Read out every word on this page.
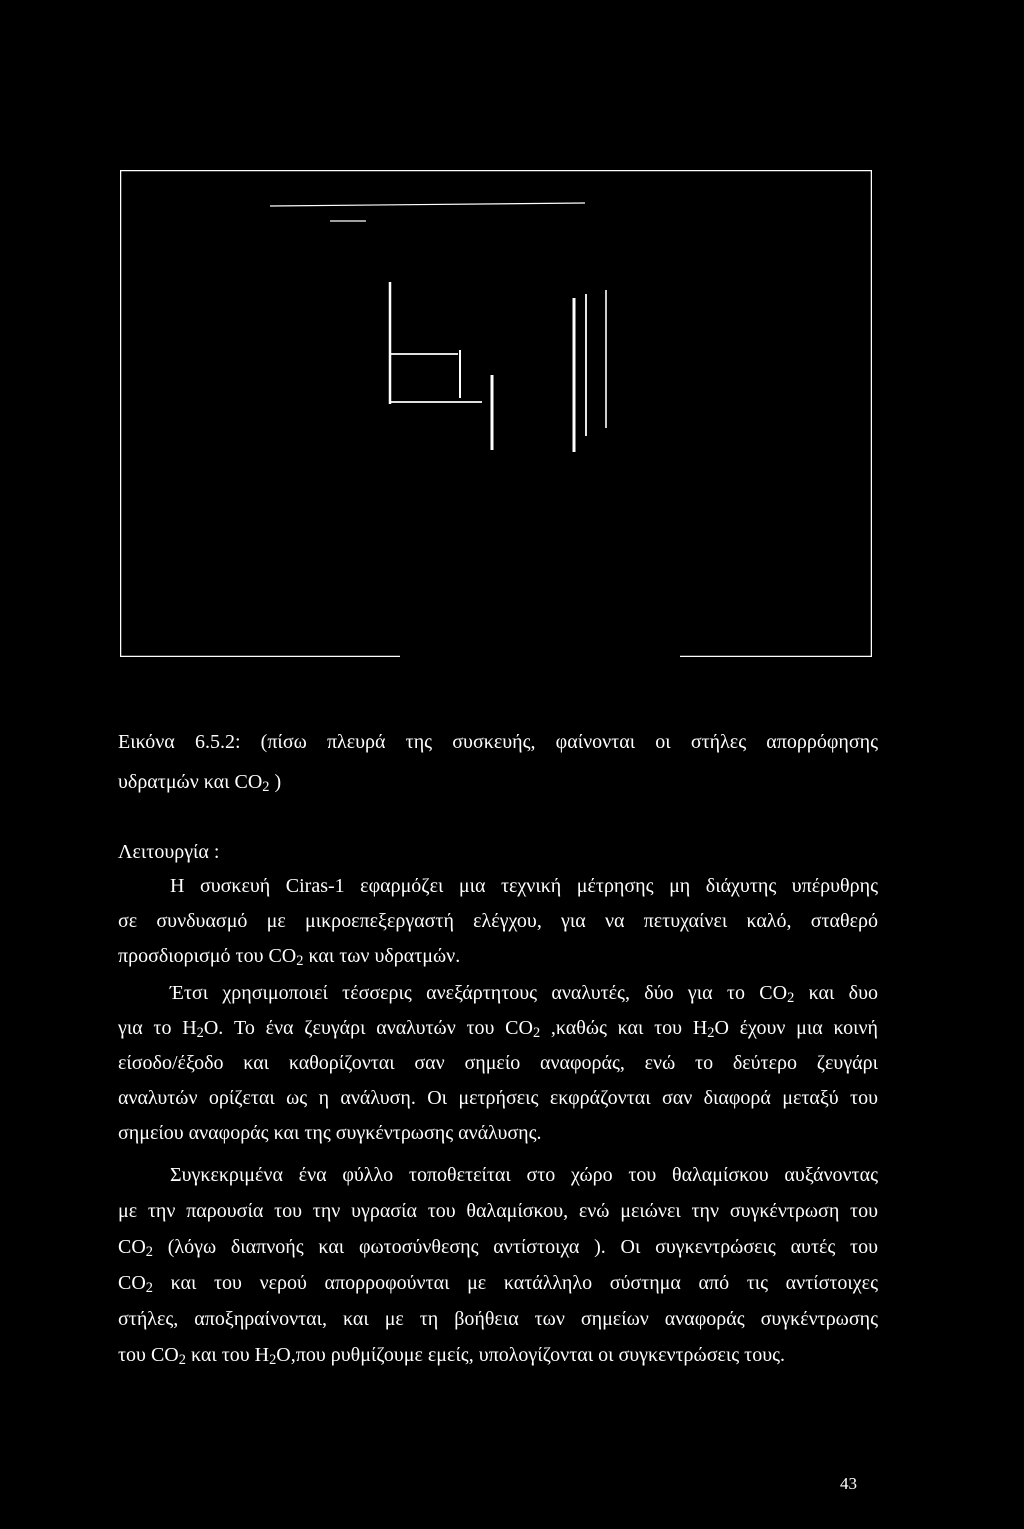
Εικόνα 6.5.2: (πίσω πλευρά της συσκευής, φαίνονται οι στήλες απορρόφησης
υδρατμών και $CO_2$ )

Λειτουργία :

Η συσκευή Ciras-1 εφαρμόζει μια τεχνική μέτρησης μη διάχυτης υπέρυθρης
σε συνδυασμό με μικροεπεξεργαστή ελέγχου, για να πετυχαίνει καλό, σταθερό
προσδιορισμό του $CO_2$ και των υδρατμών.

Έτσι χρησιμοποιεί τέσσερις ανεξάρτητους αναλυτές, δύο για το $CO_2$ και δυο
για το $H_2O$. Το ένα ζευγάρι αναλυτών του $CO_2$ ,καθώς και του $H_2O$ έχουν μια κοινή
είσοδο/έξοδο και καθορίζονται σαν σημείο αναφοράς, ενώ το δεύτερο ζευγάρι
αναλυτών ορίζεται ως η ανάλυση. Οι μετρήσεις εκφράζονται σαν διαφορά μεταξύ του
σημείου αναφοράς και της συγκέντρωσης ανάλυσης.

Συγκεκριμένα ένα φύλλο τοποθετείται στο χώρο του θαλαμίσκου αυξάνοντας
με την παρουσία του την υγρασία του θαλαμίσκου, ενώ μειώνει την συγκέντρωση του
$CO_2$ (λόγω διαπνοής και φωτοσύνθεσης αντίστοιχα ). Οι συγκεντρώσεις αυτές του
$CO_2$ και του νερού απορροφούνται με κατάλληλο σύστημα από τις αντίστοιχες
στήλες, αποξηραίνονται, και με τη βοήθεια των σημείων αναφοράς συγκέντρωσης
του $CO_2$ και του $H_2O,\pi o\upsilon$ ρυθμίζουμε εμείς, υπολογίζονται οι συγκεντρώσεις τους.

43
